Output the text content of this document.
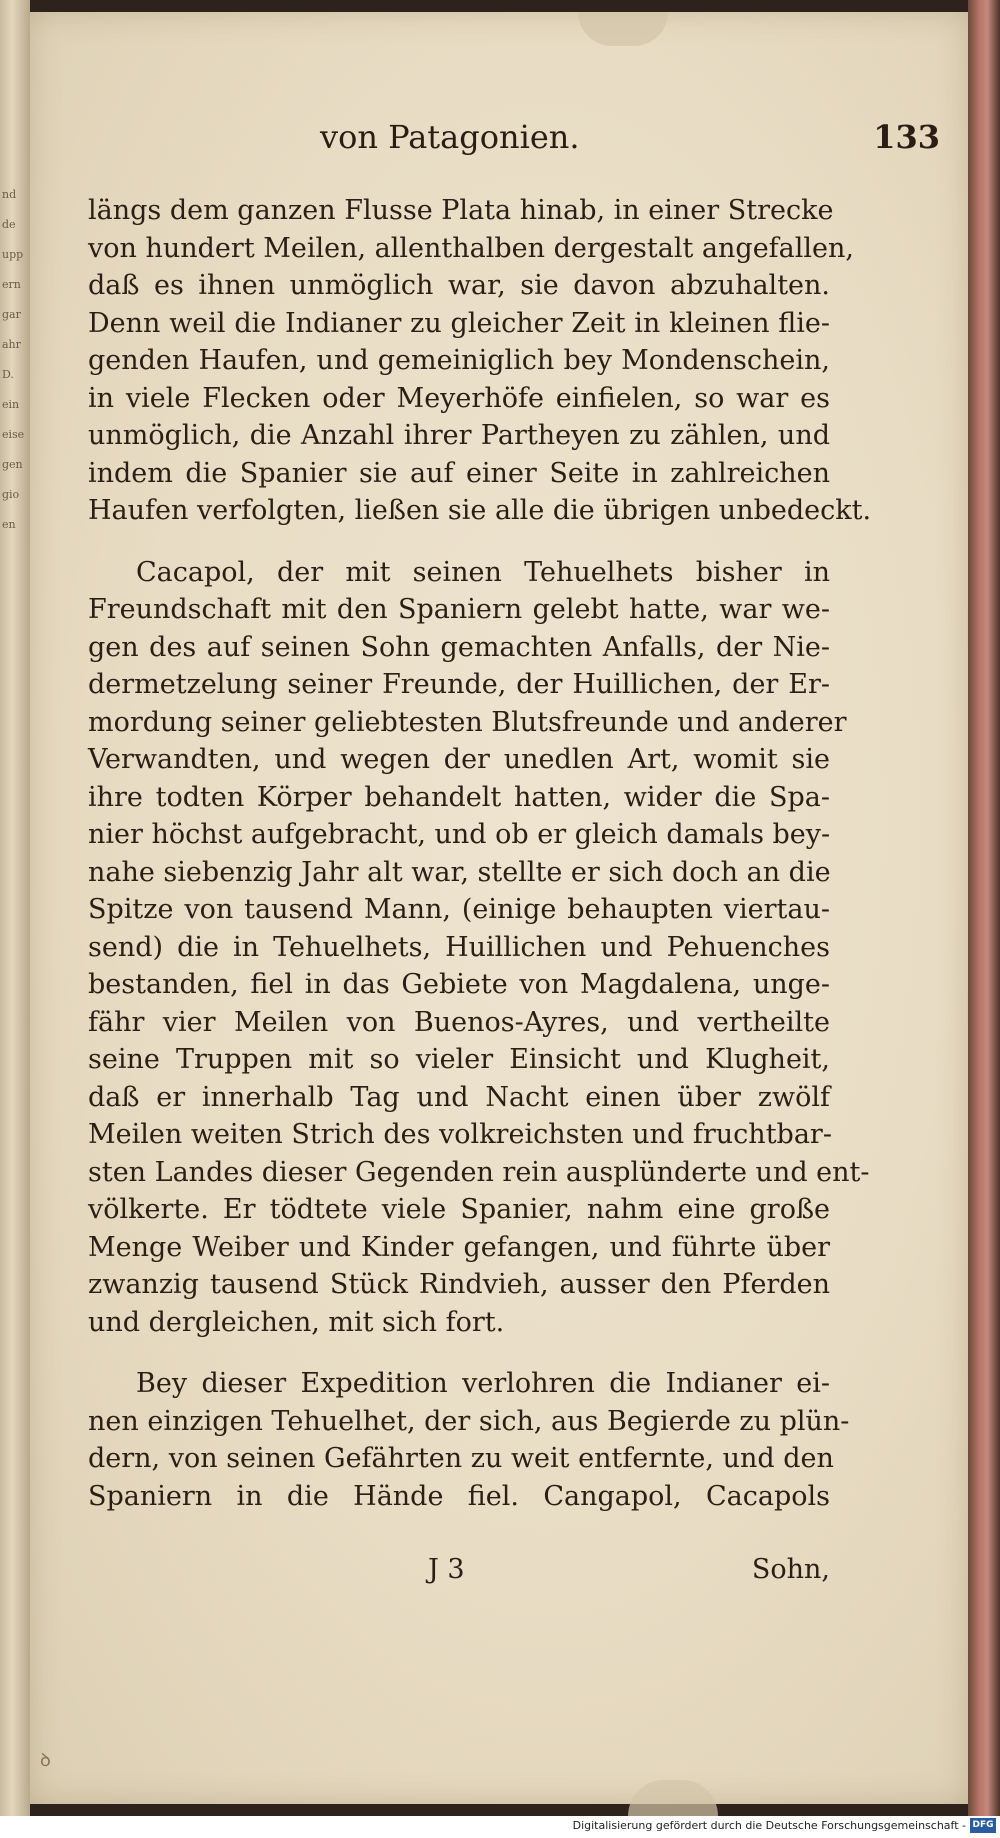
nd de upp ern gar ahr D. ein eise gen gio en
von Patagonien.	133
längs dem ganzen Flusse Plata hinab, in einer Strecke
von hundert Meilen, allenthalben dergestalt angefallen,
daß es ihnen unmöglich war, sie davon abzuhalten.
Denn weil die Indianer zu gleicher Zeit in kleinen flie-
genden Haufen, und gemeiniglich bey Mondenschein,
in viele Flecken oder Meyerhöfe einfielen, so war es
unmöglich, die Anzahl ihrer Partheyen zu zählen, und
indem die Spanier sie auf einer Seite in zahlreichen
Haufen verfolgten, ließen sie alle die übrigen unbedeckt.
Cacapol, der mit seinen Tehuelhets bisher in
Freundschaft mit den Spaniern gelebt hatte, war we-
gen des auf seinen Sohn gemachten Anfalls, der Nie-
dermetzelung seiner Freunde, der Huillichen, der Er-
mordung seiner geliebtesten Blutsfreunde und anderer
Verwandten, und wegen der unedlen Art, womit sie
ihre todten Körper behandelt hatten, wider die Spa-
nier höchst aufgebracht, und ob er gleich damals bey-
nahe siebenzig Jahr alt war, stellte er sich doch an die
Spitze von tausend Mann, (einige behaupten viertau-
send) die in Tehuelhets, Huillichen und Pehuenches
bestanden, fiel in das Gebiete von Magdalena, unge-
fähr vier Meilen von Buenos-Ayres, und vertheilte
seine Truppen mit so vieler Einsicht und Klugheit,
daß er innerhalb Tag und Nacht einen über zwölf
Meilen weiten Strich des volkreichsten und fruchtbar-
sten Landes dieser Gegenden rein ausplünderte und ent-
völkerte. Er tödtete viele Spanier, nahm eine große
Menge Weiber und Kinder gefangen, und führte über
zwanzig tausend Stück Rindvieh, ausser den Pferden
und dergleichen, mit sich fort.
Bey dieser Expedition verlohren die Indianer ei-
nen einzigen Tehuelhet, der sich, aus Begierde zu plün-
dern, von seinen Gefährten zu weit entfernte, und den
Spaniern in die Hände fiel. Cangapol, Cacapols
J 3	Sohn,
ꝺ
Digitalisierung gefördert durch die Deutsche Forschungsgemeinschaft - DFG
